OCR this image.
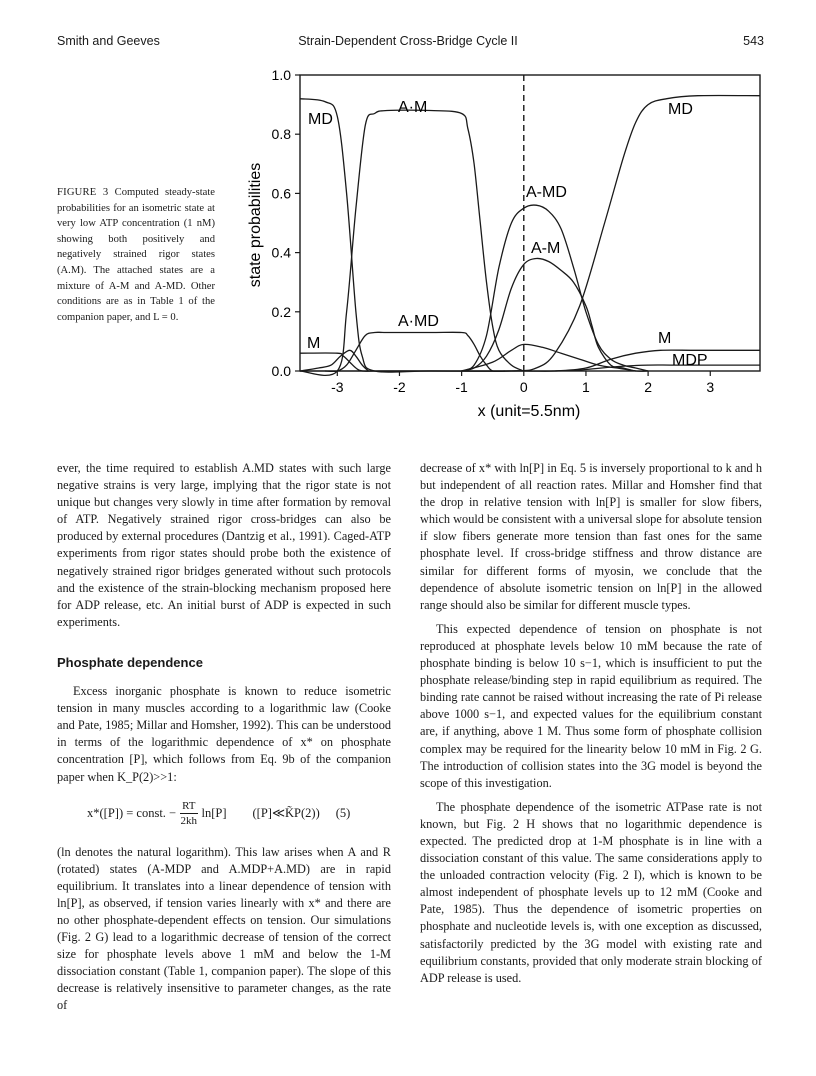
Smith and Geeves	Strain-Dependent Cross-Bridge Cycle II	543
FIGURE 3 Computed steady-state probabilities for an isometric state at very low ATP concentration (1 nM) showing both positively and negatively strained rigor states (A.M). The attached states are a mixture of A-M and A-MD. Other conditions are as in Table 1 of the companion paper, and L = 0.
-3	-2	-1	0	1	2	3
0.0
0.2
0.4
0.6
0.8
1.0
MD
A·M
A-MD
A-M
MD
M
A·MD
M
MDP
x (unit=5.5nm)
state probabilities

ever, the time required to establish A.MD states with such large negative strains is very large, implying that the rigor state is not unique but changes very slowly in time after formation by removal of ATP. Negatively strained rigor cross-bridges can also be produced by external procedures (Dantzig et al., 1991). Caged-ATP experiments from rigor states should probe both the existence of negatively strained rigor bridges generated without such protocols and the existence of the strain-blocking mechanism proposed here for ADP release, etc. An initial burst of ADP is expected in such experiments.

Phosphate dependence

Excess inorganic phosphate is known to reduce isometric tension in many muscles according to a logarithmic law (Cooke and Pate, 1985; Millar and Homsher, 1992). This can be understood in terms of the logarithmic dependence of x* on phosphate concentration [P], which follows from Eq. 9b of the companion paper when K_P(2)>>1:

x*([P]) = const. − $\frac{RT}{2kh} \ln[P]$ ([P]≪K̃P(2)) (5)

(ln denotes the natural logarithm). This law arises when A and R (rotated) states (A-MDP and A.MDP+A.MD) are in rapid equilibrium. It translates into a linear dependence of tension with ln[P], as observed, if tension varies linearly with x* and there are no other phosphate-dependent effects on tension. Our simulations (Fig. 2 G) lead to a logarithmic decrease of tension of the correct size for phosphate levels above 1 mM and below the 1-M dissociation constant (Table 1, companion paper). The slope of this decrease is relatively insensitive to parameter changes, as the rate of

decrease of x* with ln[P] in Eq. 5 is inversely proportional to k and h but independent of all reaction rates. Millar and Homsher find that the drop in relative tension with ln[P] is smaller for slow fibers, which would be consistent with a universal slope for absolute tension if slow fibers generate more tension than fast ones for the same phosphate level. If cross-bridge stiffness and throw distance are similar for different forms of myosin, we conclude that the dependence of absolute isometric tension on ln[P] in the allowed range should also be similar for different muscle types.

This expected dependence of tension on phosphate is not reproduced at phosphate levels below 10 mM because the rate of phosphate binding is below 10 s−1, which is insufficient to put the phosphate release/binding step in rapid equilibrium as required. The binding rate cannot be raised without increasing the rate of Pi release above 1000 s−1, and expected values for the equilibrium constant are, if anything, above 1 M. Thus some form of phosphate collision complex may be required for the linearity below 10 mM in Fig. 2 G. The introduction of collision states into the 3G model is beyond the scope of this investigation.

The phosphate dependence of the isometric ATPase rate is not known, but Fig. 2 H shows that no logarithmic dependence is expected. The predicted drop at 1-M phosphate is in line with a dissociation constant of this value. The same considerations apply to the unloaded contraction velocity (Fig. 2 I), which is known to be almost independent of phosphate levels up to 12 mM (Cooke and Pate, 1985). Thus the dependence of isometric properties on phosphate and nucleotide levels is, with one exception as discussed, satisfactorily predicted by the 3G model with existing rate and equilibrium constants, provided that only moderate strain blocking of ADP release is used.
